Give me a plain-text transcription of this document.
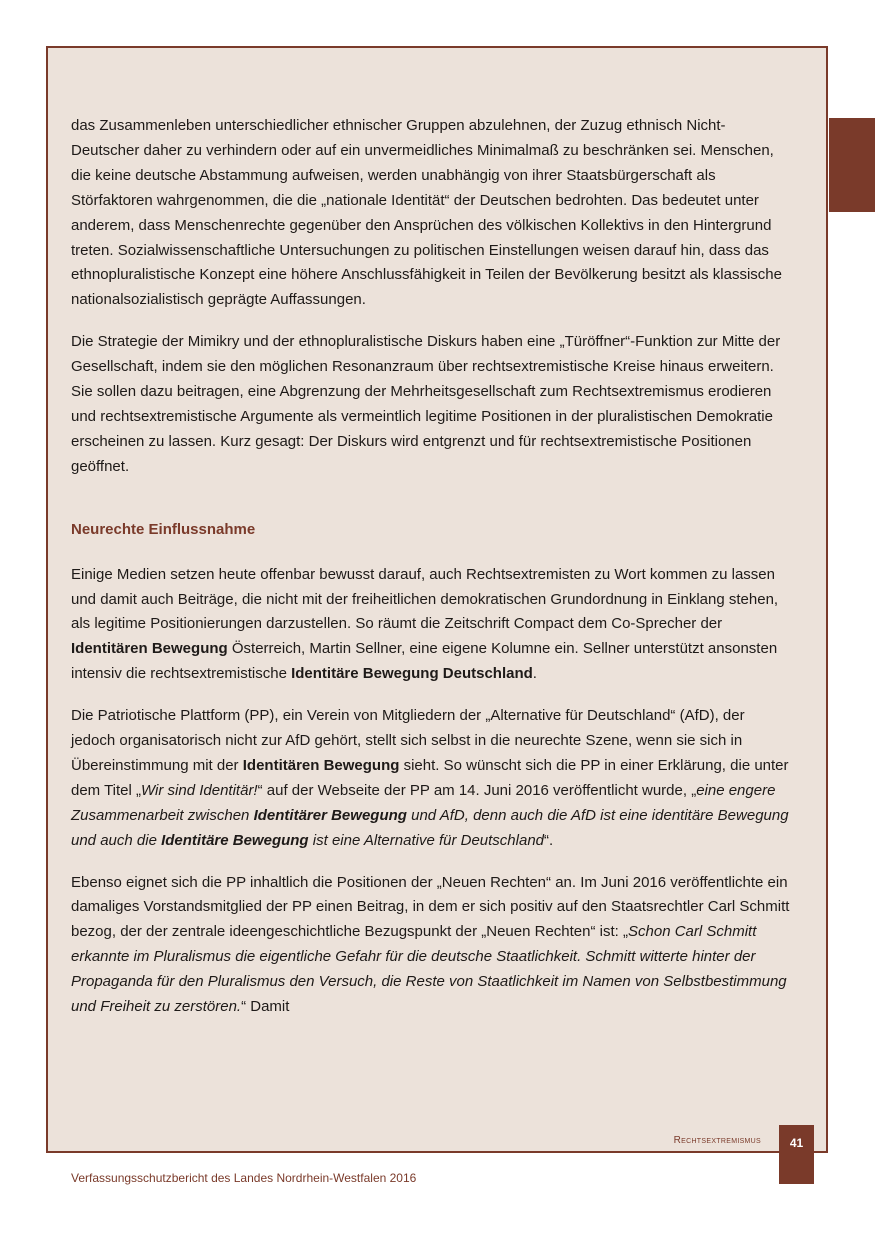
das Zusammenleben unterschiedlicher ethnischer Gruppen abzulehnen, der Zuzug ethnisch Nicht-Deutscher daher zu verhindern oder auf ein unvermeidliches Minimalmaß zu beschränken sei. Menschen, die keine deutsche Abstammung aufweisen, werden unabhängig von ihrer Staatsbürgerschaft als Störfaktoren wahrgenommen, die die „nationale Identität“ der Deutschen bedrohten. Das bedeutet unter anderem, dass Menschenrechte gegenüber den Ansprüchen des völkischen Kollektivs in den Hintergrund treten. Sozialwissenschaftliche Untersuchungen zu politischen Einstellungen weisen darauf hin, dass das ethnopluralistische Konzept eine höhere Anschlussfähigkeit in Teilen der Bevölkerung besitzt als klassische nationalsozialistisch geprägte Auffassungen.

Die Strategie der Mimikry und der ethnopluralistische Diskurs haben eine „Türöffner“-Funktion zur Mitte der Gesellschaft, indem sie den möglichen Resonanzraum über rechtsextremistische Kreise hinaus erweitern. Sie sollen dazu beitragen, eine Abgrenzung der Mehrheitsgesellschaft zum Rechtsextremismus erodieren und rechtsextremistische Argumente als vermeintlich legitime Positionen in der pluralistischen Demokratie erscheinen zu lassen. Kurz gesagt: Der Diskurs wird entgrenzt und für rechtsextremistische Positionen geöffnet.

Neurechte Einflussnahme

Einige Medien setzen heute offenbar bewusst darauf, auch Rechtsextremisten zu Wort kommen zu lassen und damit auch Beiträge, die nicht mit der freiheitlichen demokratischen Grundordnung in Einklang stehen, als legitime Positionierungen darzustellen. So räumt die Zeitschrift Compact dem Co-Sprecher der Identitären Bewegung Österreich, Martin Sellner, eine eigene Kolumne ein. Sellner unterstützt ansonsten intensiv die rechtsextremistische Identitäre Bewegung Deutschland.

Die Patriotische Plattform (PP), ein Verein von Mitgliedern der „Alternative für Deutschland“ (AfD), der jedoch organisatorisch nicht zur AfD gehört, stellt sich selbst in die neurechte Szene, wenn sie sich in Übereinstimmung mit der Identitären Bewegung sieht. So wünscht sich die PP in einer Erklärung, die unter dem Titel „Wir sind Identitär!“ auf der Webseite der PP am 14. Juni 2016 veröffentlicht wurde, „eine engere Zusammenarbeit zwischen Identitärer Bewegung und AfD, denn auch die AfD ist eine identitäre Bewegung und auch die Identitäre Bewegung ist eine Alternative für Deutschland“.

Ebenso eignet sich die PP inhaltlich die Positionen der „Neuen Rechten“ an. Im Juni 2016 veröffentlichte ein damaliges Vorstandsmitglied der PP einen Beitrag, in dem er sich positiv auf den Staatsrechtler Carl Schmitt bezog, der der zentrale ideengeschichtliche Bezugspunkt der „Neuen Rechten“ ist: „Schon Carl Schmitt erkannte im Pluralismus die eigentliche Gefahr für die deutsche Staatlichkeit. Schmitt witterte hinter der Propaganda für den Pluralismus den Versuch, die Reste von Staatlichkeit im Namen von Selbstbestimmung und Freiheit zu zerstören.“ Damit

Rechtsextremismus	41
Verfassungsschutzbericht des Landes Nordrhein-Westfalen 2016
